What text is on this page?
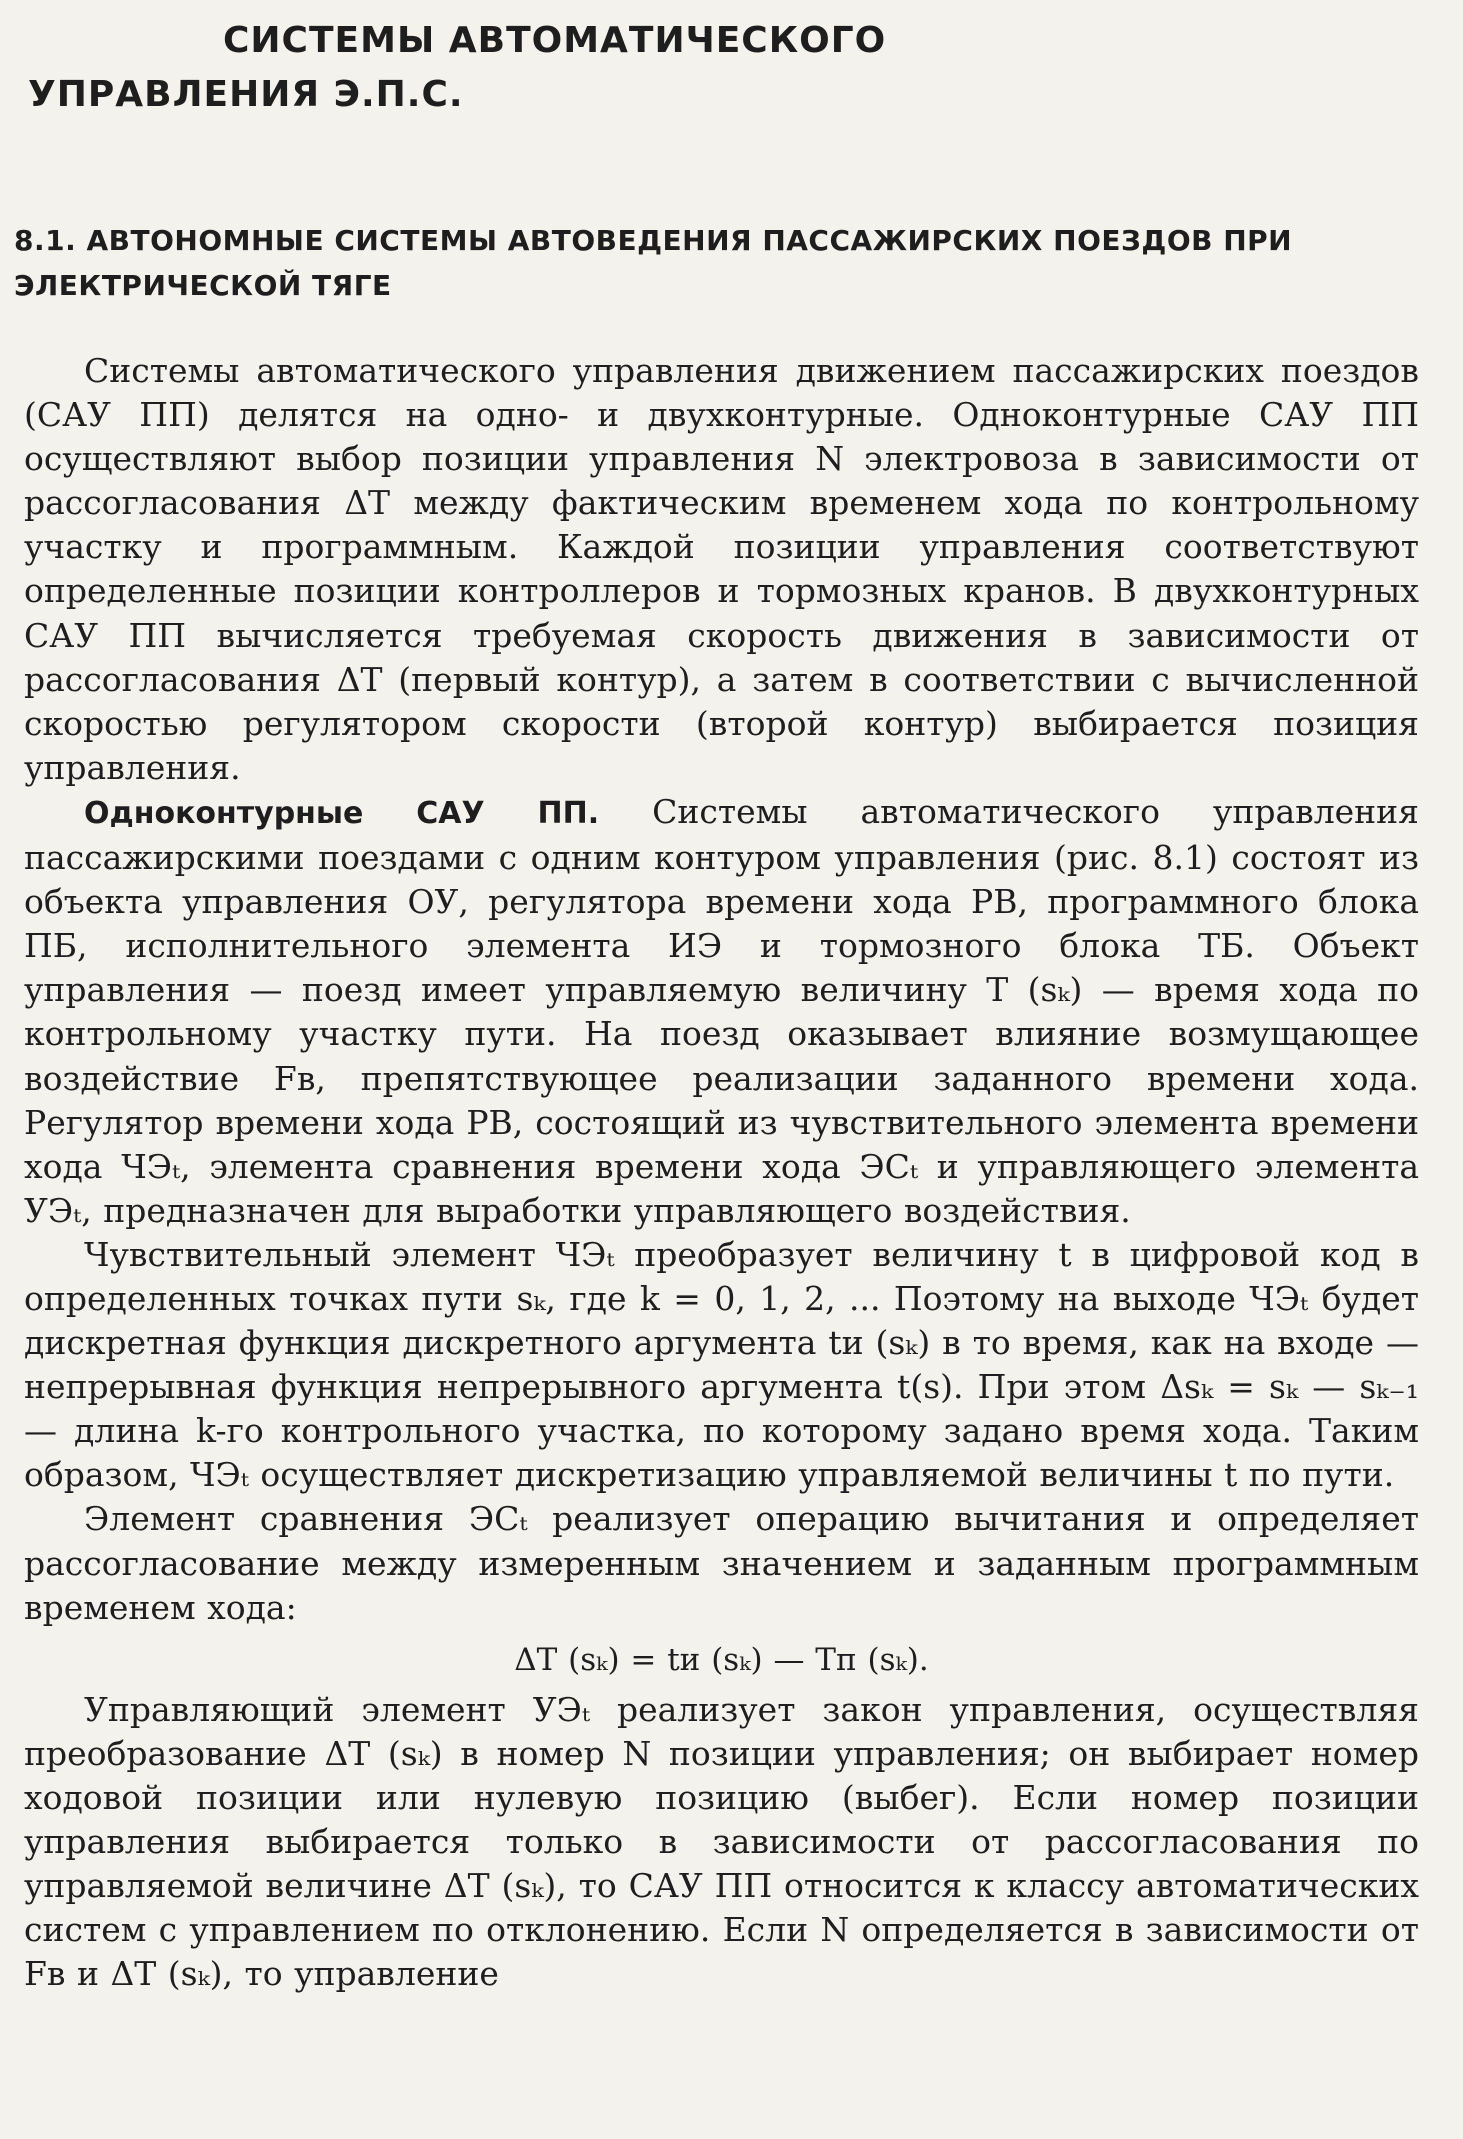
СИСТЕМЫ АВТОМАТИЧЕСКОГО
УПРАВЛЕНИЯ Э.П.С.
8.1. АВТОНОМНЫЕ СИСТЕМЫ АВТОВЕДЕНИЯ ПАССАЖИРСКИХ ПОЕЗДОВ ПРИ ЭЛЕКТРИЧЕСКОЙ ТЯГЕ

Системы автоматического управления движением пассажирских поездов (САУ ПП) делятся на одно- и двухконтурные. Одноконтурные САУ ПП осуществляют выбор позиции управления N электровоза в зависимости от рассогласования ΔT между фактическим временем хода по контрольному участку и программным. Каждой позиции управления соответствуют определенные позиции контроллеров и тормозных кранов. В двухконтурных САУ ПП вычисляется требуемая скорость движения в зависимости от рассогласования ΔT (первый контур), а затем в соответствии с вычисленной скоростью регулятором скорости (второй контур) выбирается позиция управления.

Одноконтурные САУ ПП. Системы автоматического управления пассажирскими поездами с одним контуром управления (рис. 8.1) состоят из объекта управления ОУ, регулятора времени хода РВ, программного блока ПБ, исполнительного элемента ИЭ и тормозного блока ТБ. Объект управления — поезд имеет управляемую величину T (sₖ) — время хода по контрольному участку пути. На поезд оказывает влияние возмущающее воздействие Fв, препятствующее реализации заданного времени хода. Регулятор времени хода РВ, состоящий из чувствительного элемента времени хода ЧЭₜ, элемента сравнения времени хода ЭСₜ и управляющего элемента УЭₜ, предназначен для выработки управляющего воздействия.

Чувствительный элемент ЧЭₜ преобразует величину t в цифровой код в определенных точках пути sₖ, где k = 0, 1, 2, ... Поэтому на выходе ЧЭₜ будет дискретная функция дискретного аргумента tи (sₖ) в то время, как на входе — непрерывная функция непрерывного аргумента t(s). При этом Δsₖ = sₖ — sₖ₋₁ — длина k-го контрольного участка, по которому задано время хода. Таким образом, ЧЭₜ осуществляет дискретизацию управляемой величины t по пути.

Элемент сравнения ЭСₜ реализует операцию вычитания и определяет рассогласование между измеренным значением и заданным программным временем хода:

ΔT (sₖ) = tи (sₖ) — Tп (sₖ).

Управляющий элемент УЭₜ реализует закон управления, осуществляя преобразование ΔT (sₖ) в номер N позиции управления; он выбирает номер ходовой позиции или нулевую позицию (выбег). Если номер позиции управления выбирается только в зависимости от рассогласования по управляемой величине ΔT (sₖ), то САУ ПП относится к классу автоматических систем с управлением по отклонению. Если N определяется в зависимости от Fв и ΔT (sₖ), то управление
